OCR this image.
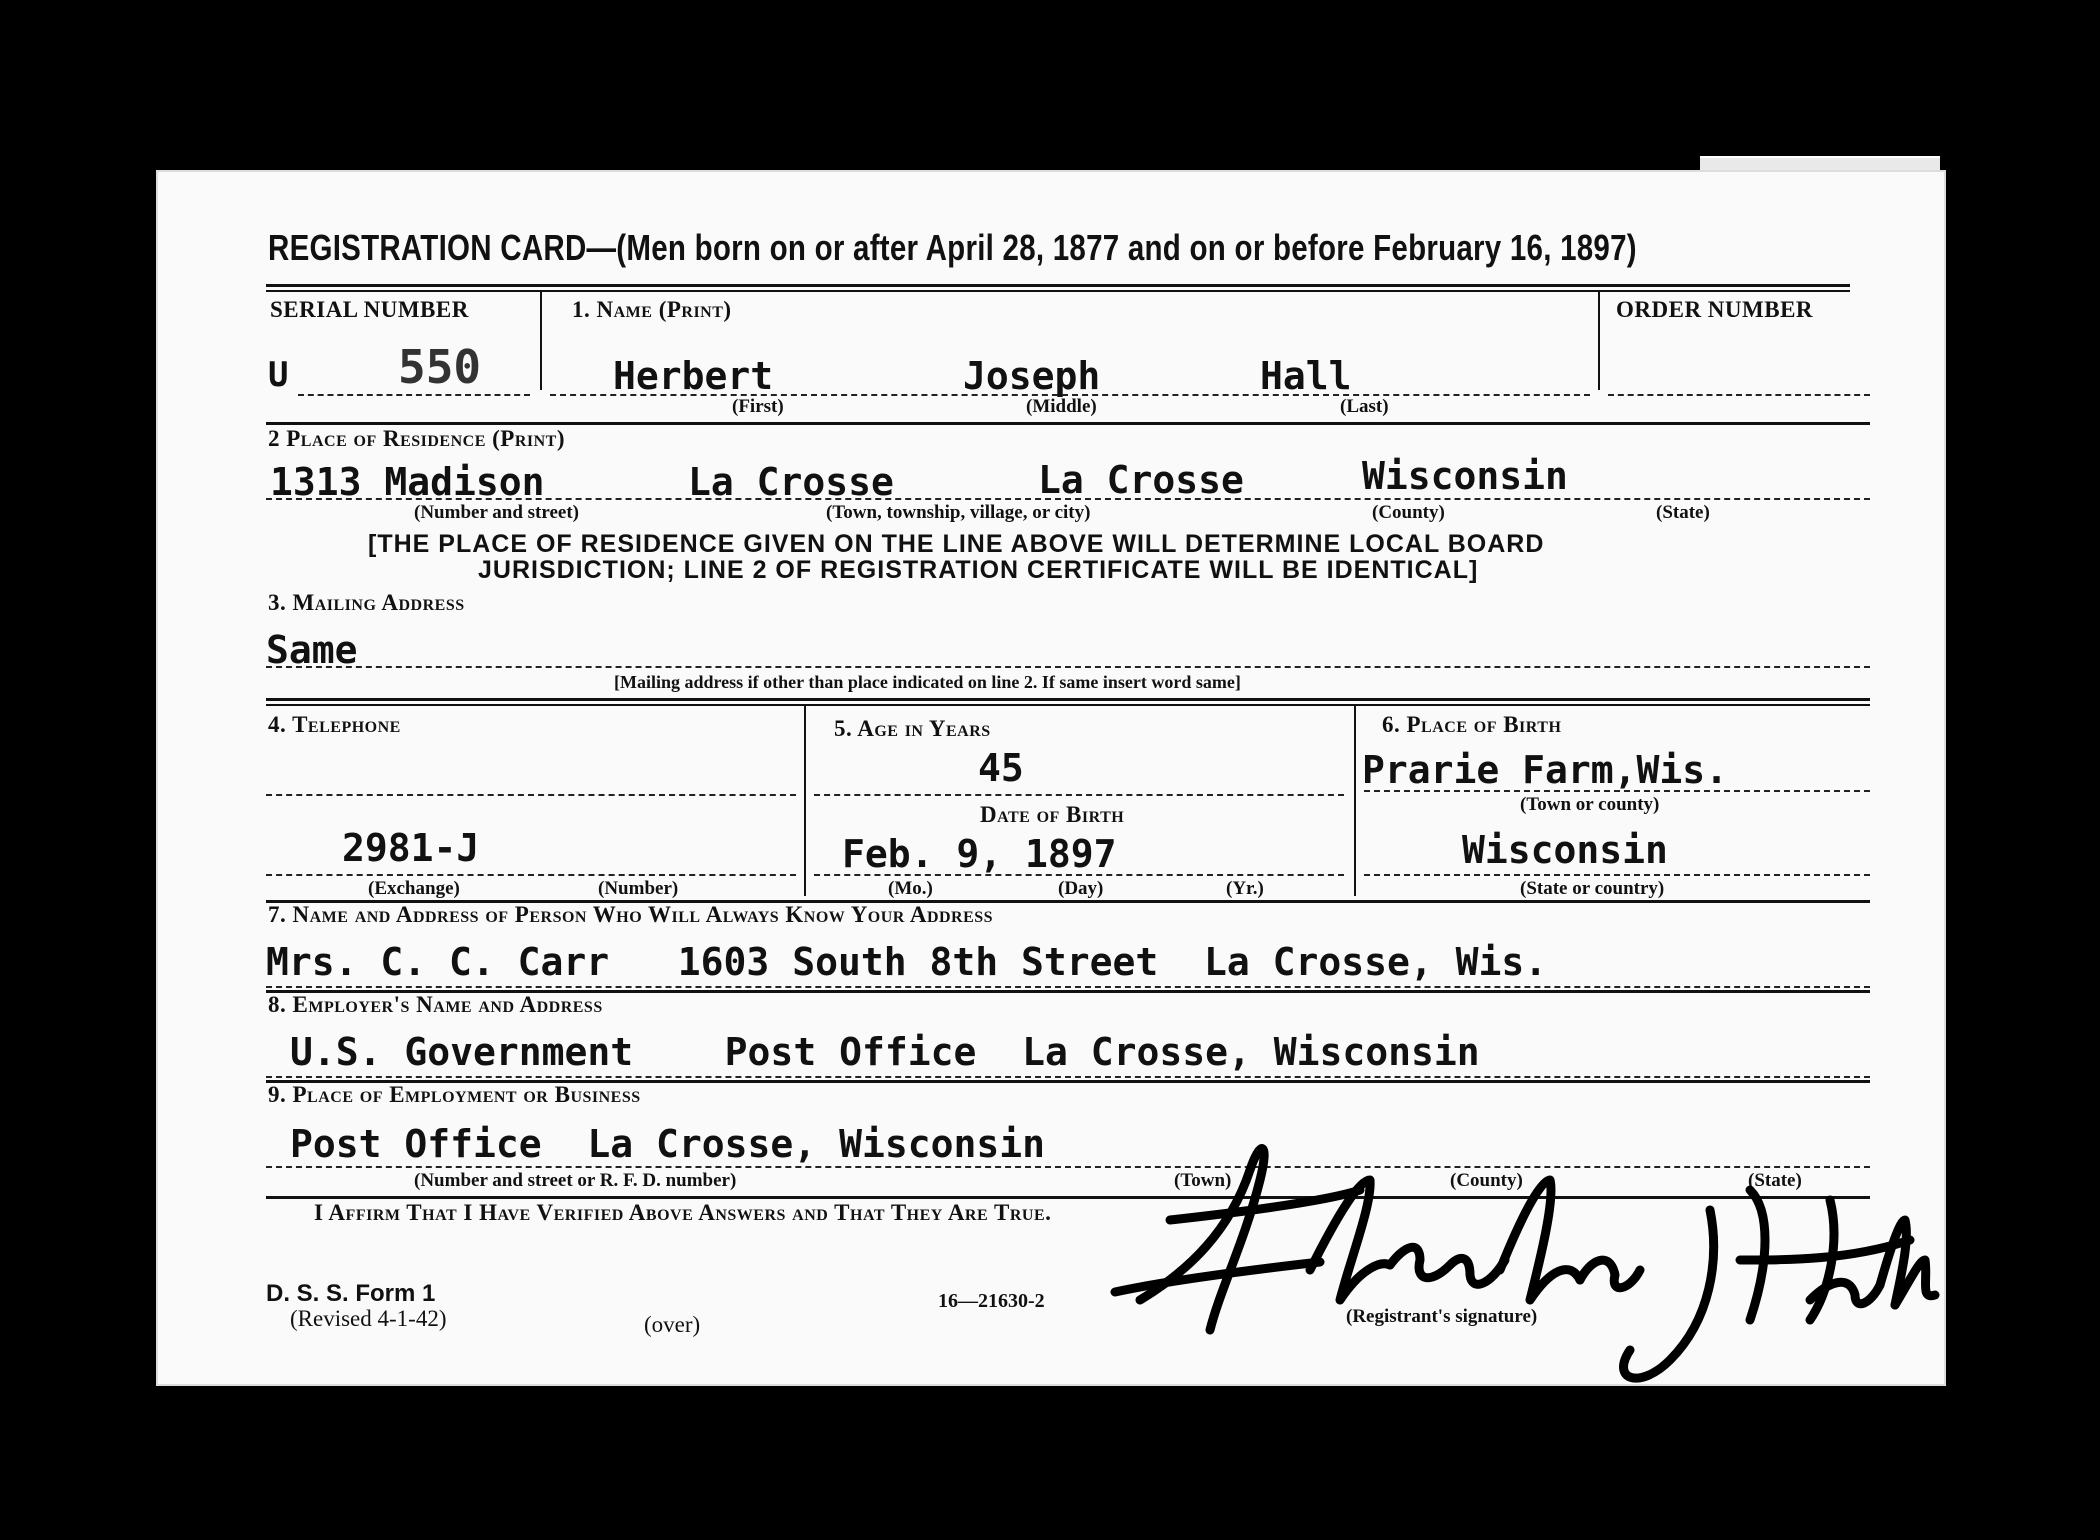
REGISTRATION CARD—(Men born on or after April 28, 1877 and on or before February 16, 1897)
SERIAL NUMBER
U 550
1. Name (Print)
Herbert	Joseph	Hall
(First)	(Middle)	(Last)
ORDER NUMBER
2 Place of Residence (Print)
1313 Madison	La Crosse	La Crosse	Wisconsin
(Number and street)	(Town, township, village, or city)	(County)	(State)
[THE PLACE OF RESIDENCE GIVEN ON THE LINE ABOVE WILL DETERMINE LOCAL BOARD
JURISDICTION; LINE 2 OF REGISTRATION CERTIFICATE WILL BE IDENTICAL]
3. Mailing Address
Same
[Mailing address if other than place indicated on line 2. If same insert word same]
4. Telephone
2981-J
(Exchange)	(Number)
5. Age in Years
45
Date of Birth
Feb. 9, 1897
(Mo.)	(Day)	(Yr.)
6. Place of Birth
Prarie Farm,Wis.
(Town or county)
Wisconsin
(State or country)
7. Name and Address of Person Who Will Always Know Your Address
Mrs. C. C. Carr   1603 South 8th Street  La Crosse, Wis.
8. Employer's Name and Address
U.S. Government    Post Office  La Crosse, Wisconsin
9. Place of Employment or Business
Post Office  La Crosse, Wisconsin
(Number and street or R. F. D. number)	(Town)	(County)	(State)
I Affirm That I Have Verified Above Answers and That They Are True.
D. S. S. Form 1
(Revised 4-1-42)	(over)
16—21630-2
(Registrant's signature)
